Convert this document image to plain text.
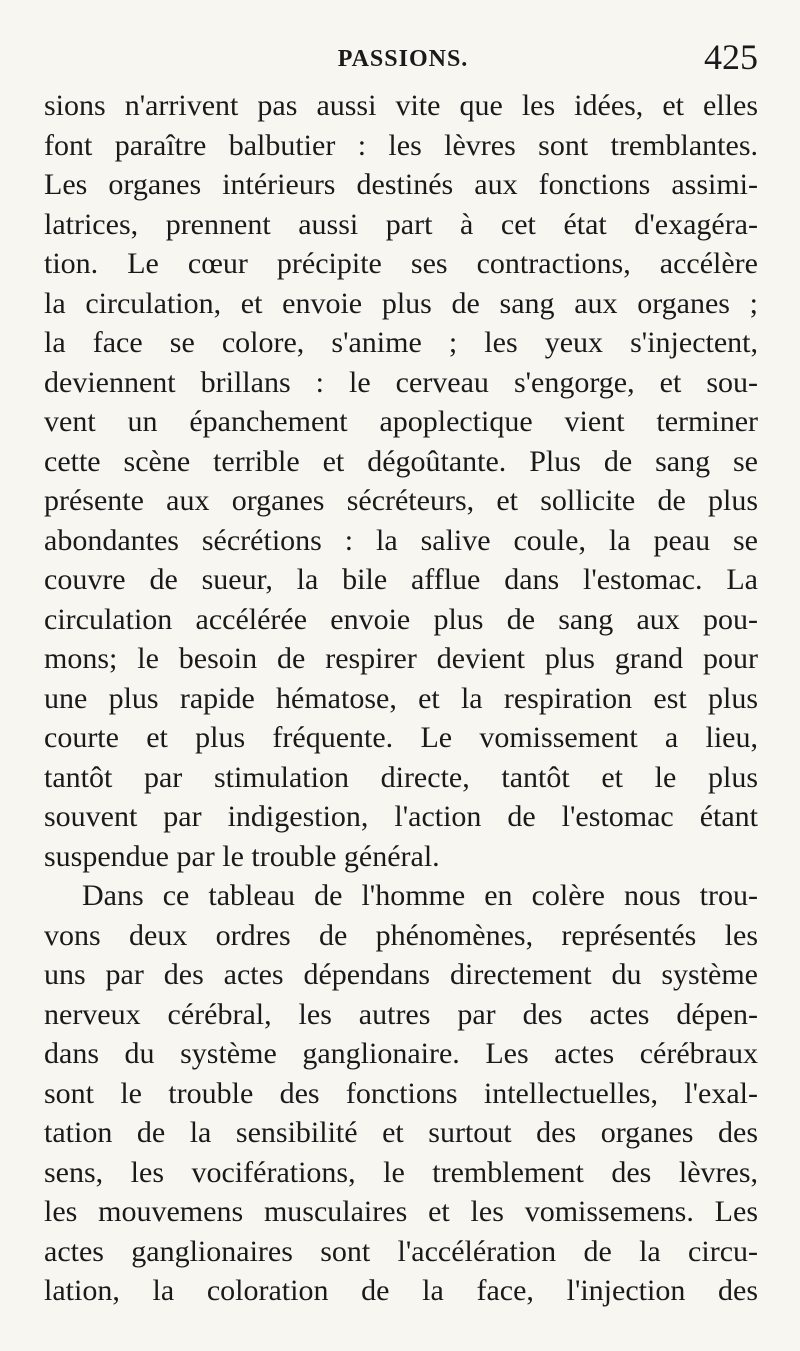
PASSIONS.	425
sions n'arrivent pas aussi vite que les idées, et elles
font paraître balbutier : les lèvres sont tremblantes.
Les organes intérieurs destinés aux fonctions assimi-
latrices, prennent aussi part à cet état d'exagéra-
tion. Le cœur précipite ses contractions, accélère
la circulation, et envoie plus de sang aux organes ;
la face se colore, s'anime ; les yeux s'injectent,
deviennent brillans : le cerveau s'engorge, et sou-
vent un épanchement apoplectique vient terminer
cette scène terrible et dégoûtante. Plus de sang se
présente aux organes sécréteurs, et sollicite de plus
abondantes sécrétions : la salive coule, la peau se
couvre de sueur, la bile afflue dans l'estomac. La
circulation accélérée envoie plus de sang aux pou-
mons; le besoin de respirer devient plus grand pour
une plus rapide hématose, et la respiration est plus
courte et plus fréquente. Le vomissement a lieu,
tantôt par stimulation directe, tantôt et le plus
souvent par indigestion, l'action de l'estomac étant
suspendue par le trouble général.
Dans ce tableau de l'homme en colère nous trou-
vons deux ordres de phénomènes, représentés les
uns par des actes dépendans directement du système
nerveux cérébral, les autres par des actes dépen-
dans du système ganglionaire. Les actes cérébraux
sont le trouble des fonctions intellectuelles, l'exal-
tation de la sensibilité et surtout des organes des
sens, les vociférations, le tremblement des lèvres,
les mouvemens musculaires et les vomissemens. Les
actes ganglionaires sont l'accélération de la circu-
lation, la coloration de la face, l'injection des
